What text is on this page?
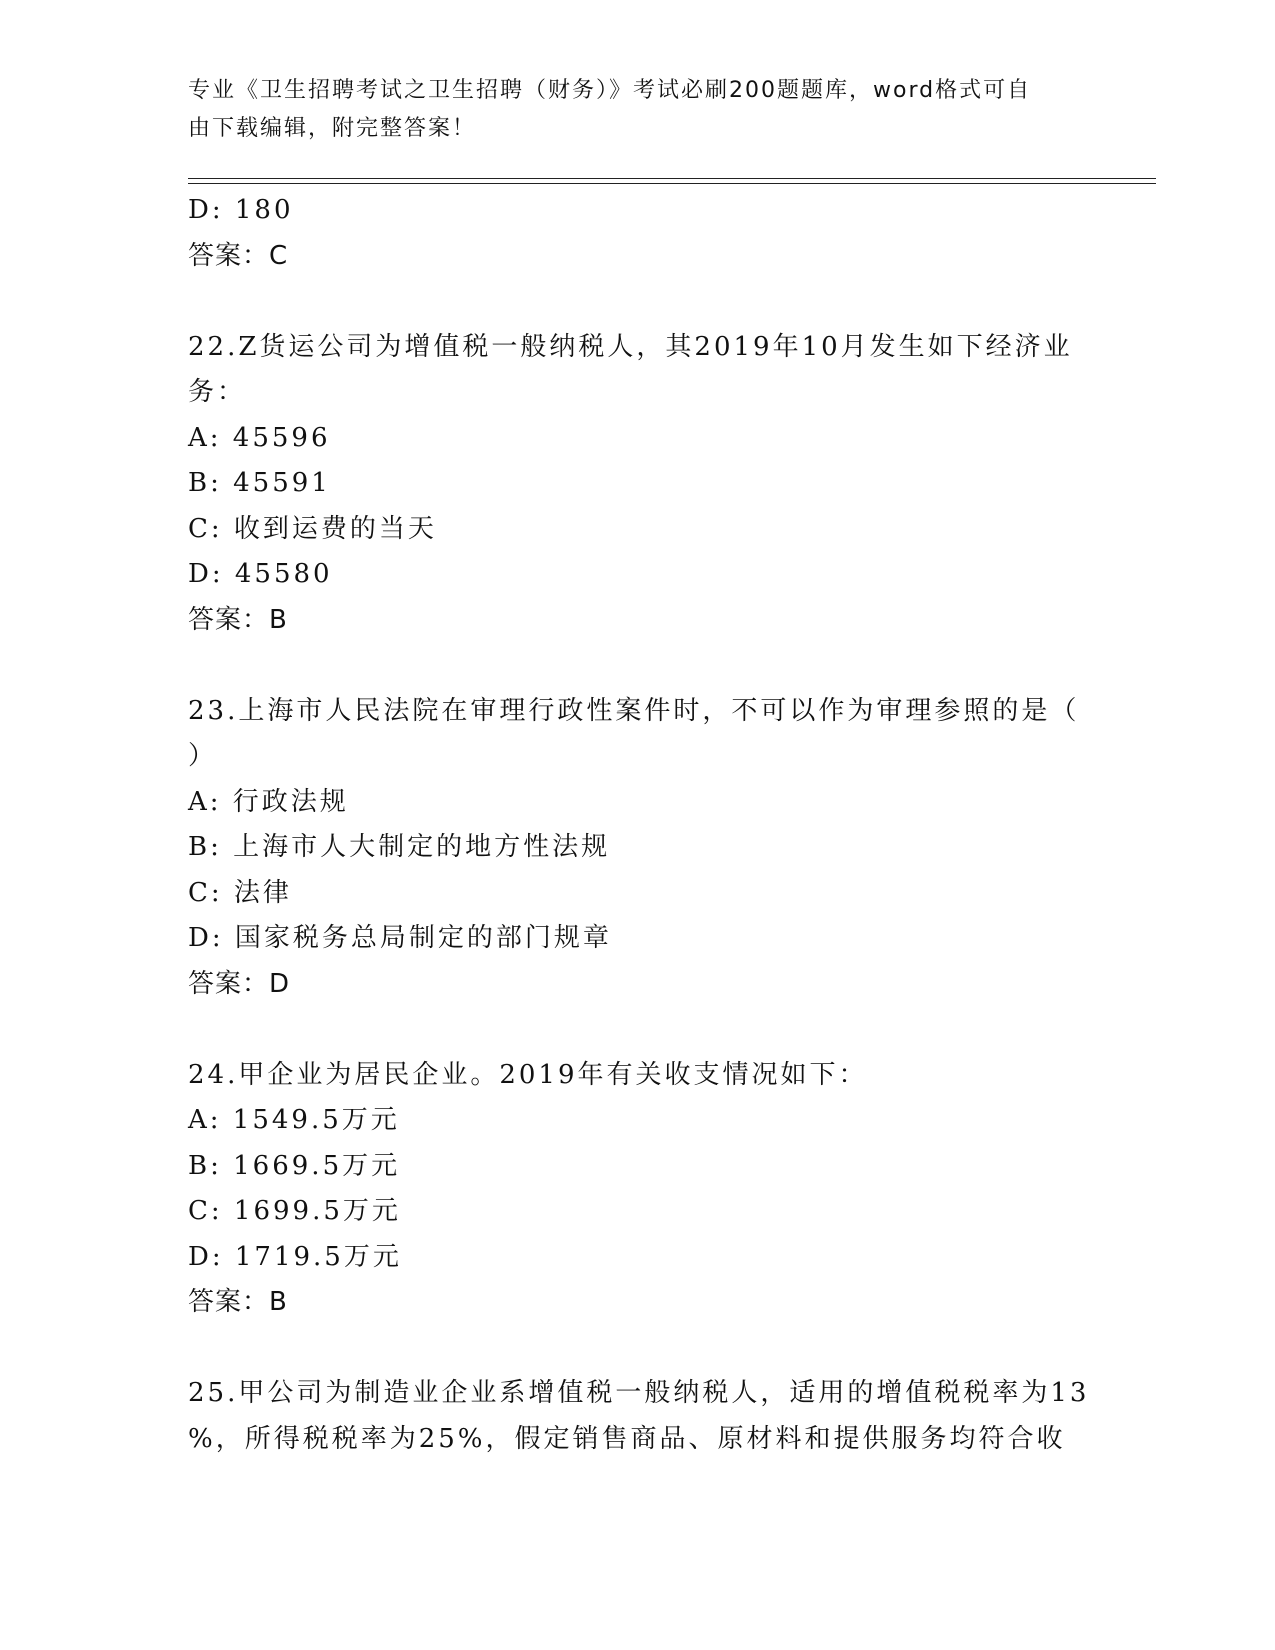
专业《卫生招聘考试之卫生招聘（财务）》考试必刷200题题库，word格式可自
由下载编辑，附完整答案！
D: 180
答案：C
22.Z货运公司为增值税一般纳税人，其2019年10月发生如下经济业
务：
A: 45596
B: 45591
C: 收到运费的当天
D: 45580
答案：B
23.上海市人民法院在审理行政性案件时，不可以作为审理参照的是（
）
A: 行政法规
B: 上海市人大制定的地方性法规
C: 法律
D: 国家税务总局制定的部门规章
答案：D
24.甲企业为居民企业。2019年有关收支情况如下：
A: 1549.5万元
B: 1669.5万元
C: 1699.5万元
D: 1719.5万元
答案：B
25.甲公司为制造业企业系增值税一般纳税人，适用的增值税税率为13
%，所得税税率为25%，假定销售商品、原材料和提供服务均符合收
